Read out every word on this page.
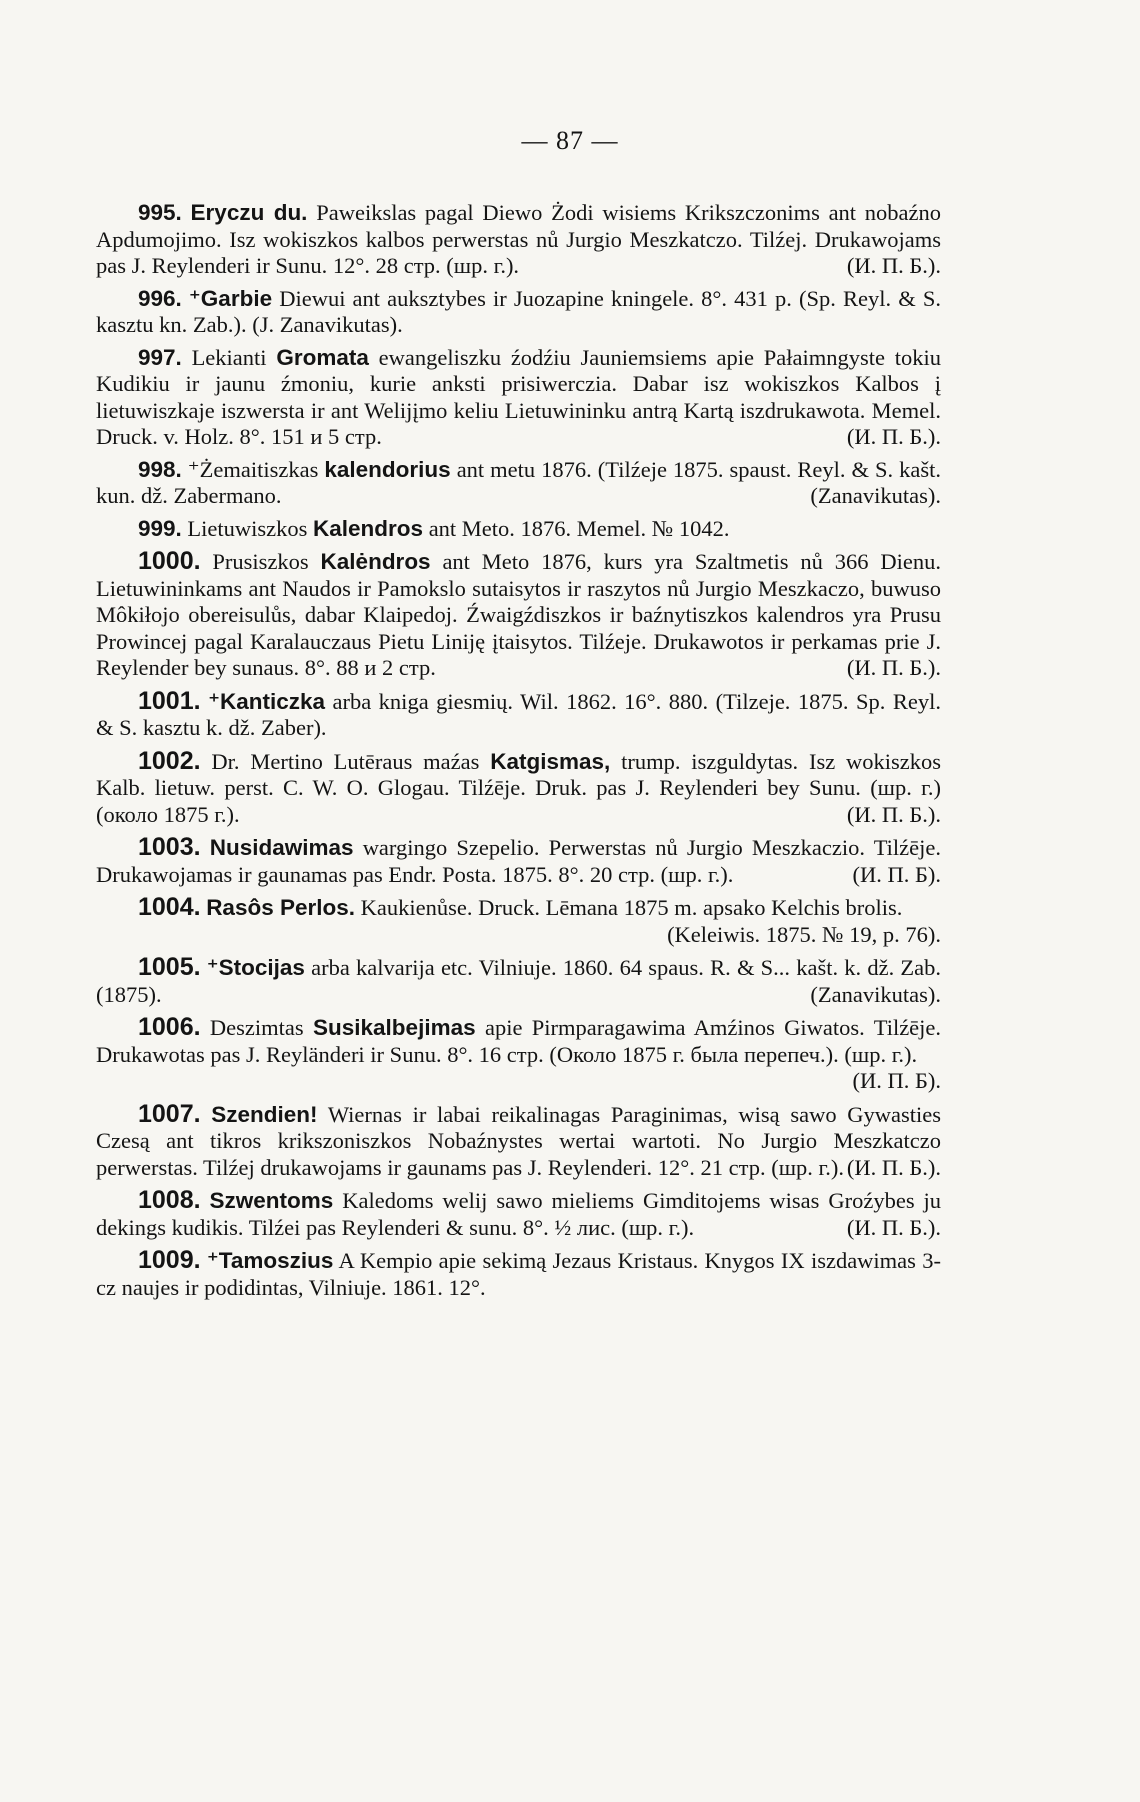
— 87 —
995. Eryczu du. Paweikslas pagal Diewo Żodi wisiems Krikszczonims ant nobaźno Apdumojimo. Isz wokiszkos kalbos perwerstas nů Jurgio Meszkatczo. Tilźej. Drukawojams pas J. Reylenderi ir Sunu. 12°. 28 стр. (шр. г.).	(И. П. Б.).
996. ⁺Garbie Diewui ant auksztybes ir Juozapine kningele. 8°. 431 p. (Sp. Reyl. & S. kasztu kn. Zab.). (J. Zanavikutas).
997. Lekianti Gromata ewangeliszku źodźiu Jauniemsiems apie Pałaimngyste tokiu Kudikiu ir jaunu źmoniu, kurie anksti prisiwerczia. Dabar isz wokiszkos Kalbos į lietuwiszkaje iszwersta ir ant Welijįmo keliu Lietuwininku antrą Kartą iszdrukawota. Memel. Druck. v. Holz. 8°. 151 и 5 стр.	(И. П. Б.).
998. ⁺Żemaitiszkas kalendorius ant metu 1876. (Tilźeje 1875. spaust. Reyl. & S. kašt. kun. dž. Zabermano.	(Zanavikutas).
999. Lietuwiszkos Kalendros ant Meto. 1876. Memel. № 1042.
1000. Prusiszkos Kalėndros ant Meto 1876, kurs yra Szaltmetis nů 366 Dienu. Lietuwininkams ant Naudos ir Pamokslo sutaisytos ir raszytos nů Jurgio Meszkaczo, buwuso Môkiłojo obereisulůs, dabar Klaipedoj. Źwaigźdiszkos ir baźnytiszkos kalendros yra Prusu Prowincej pagal Karalauczaus Pietu Liniję įtaisytos. Tilźeje. Drukawotos ir perkamas prie J. Reylender bey sunaus. 8°. 88 и 2 стр.	(И. П. Б.).
1001. ⁺Kanticzka arba kniga giesmių. Wil. 1862. 16°. 880. (Tilzeje. 1875. Sp. Reyl. & S. kasztu k. dž. Zaber).
1002. Dr. Mertino Lutēraus maźas Katgismas, trump. iszguldytas. Isz wokiszkos Kalb. lietuw. perst. C. W. O. Glogau. Tilźēje. Druk. pas J. Reylenderi bey Sunu. (шр. г.) (около 1875 г.).	(И. П. Б.).
1003. Nusidawimas wargingo Szepelio. Perwerstas nů Jurgio Meszkaczio. Tilźēje. Drukawojamas ir gaunamas pas Endr. Posta. 1875. 8°. 20 стр. (шр. г.).	(И. П. Б).
1004. Rasôs Perlos. Kaukienůse. Druck. Lēmana 1875 m. apsako Kelchis brolis.
(Keleiwis. 1875. № 19, p. 76).
1005. ⁺Stocijas arba kalvarija etc. Vilniuje. 1860. 64 spaus. R. & S... kašt. k. dž. Zab. (1875).	(Zanavikutas).
1006. Deszimtas Susikalbejimas apie Pirmparagawima Amźinos Giwatos. Tilźēje. Drukawotas pas J. Reyländeri ir Sunu. 8°. 16 стр. (Около 1875 г. была перепеч.). (шр. г.).
(И. П. Б).
1007. Szendien! Wiernas ir labai reikalinagas Paraginimas, wisą sawo Gywasties Czesą ant tikros krikszoniszkos Nobaźnystes wertai wartoti. No Jurgio Meszkatczo perwerstas. Tilźej drukawojams ir gaunams pas J. Reylenderi. 12°. 21 стр. (шр. г.). (И. П. Б.).
1008. Szwentoms Kaledoms welij sawo mieliems Gimditojems wisas Groźybes ju dekings kudikis. Tilźei pas Reylenderi & sunu. 8°. ½ лис. (шр. г.).	(И. П. Б.).
1009. ⁺Tamoszius A Kempio apie sekimą Jezaus Kristaus. Knygos IX iszdawimas 3-cz naujes ir podidintas, Vilniuje. 1861. 12°.
